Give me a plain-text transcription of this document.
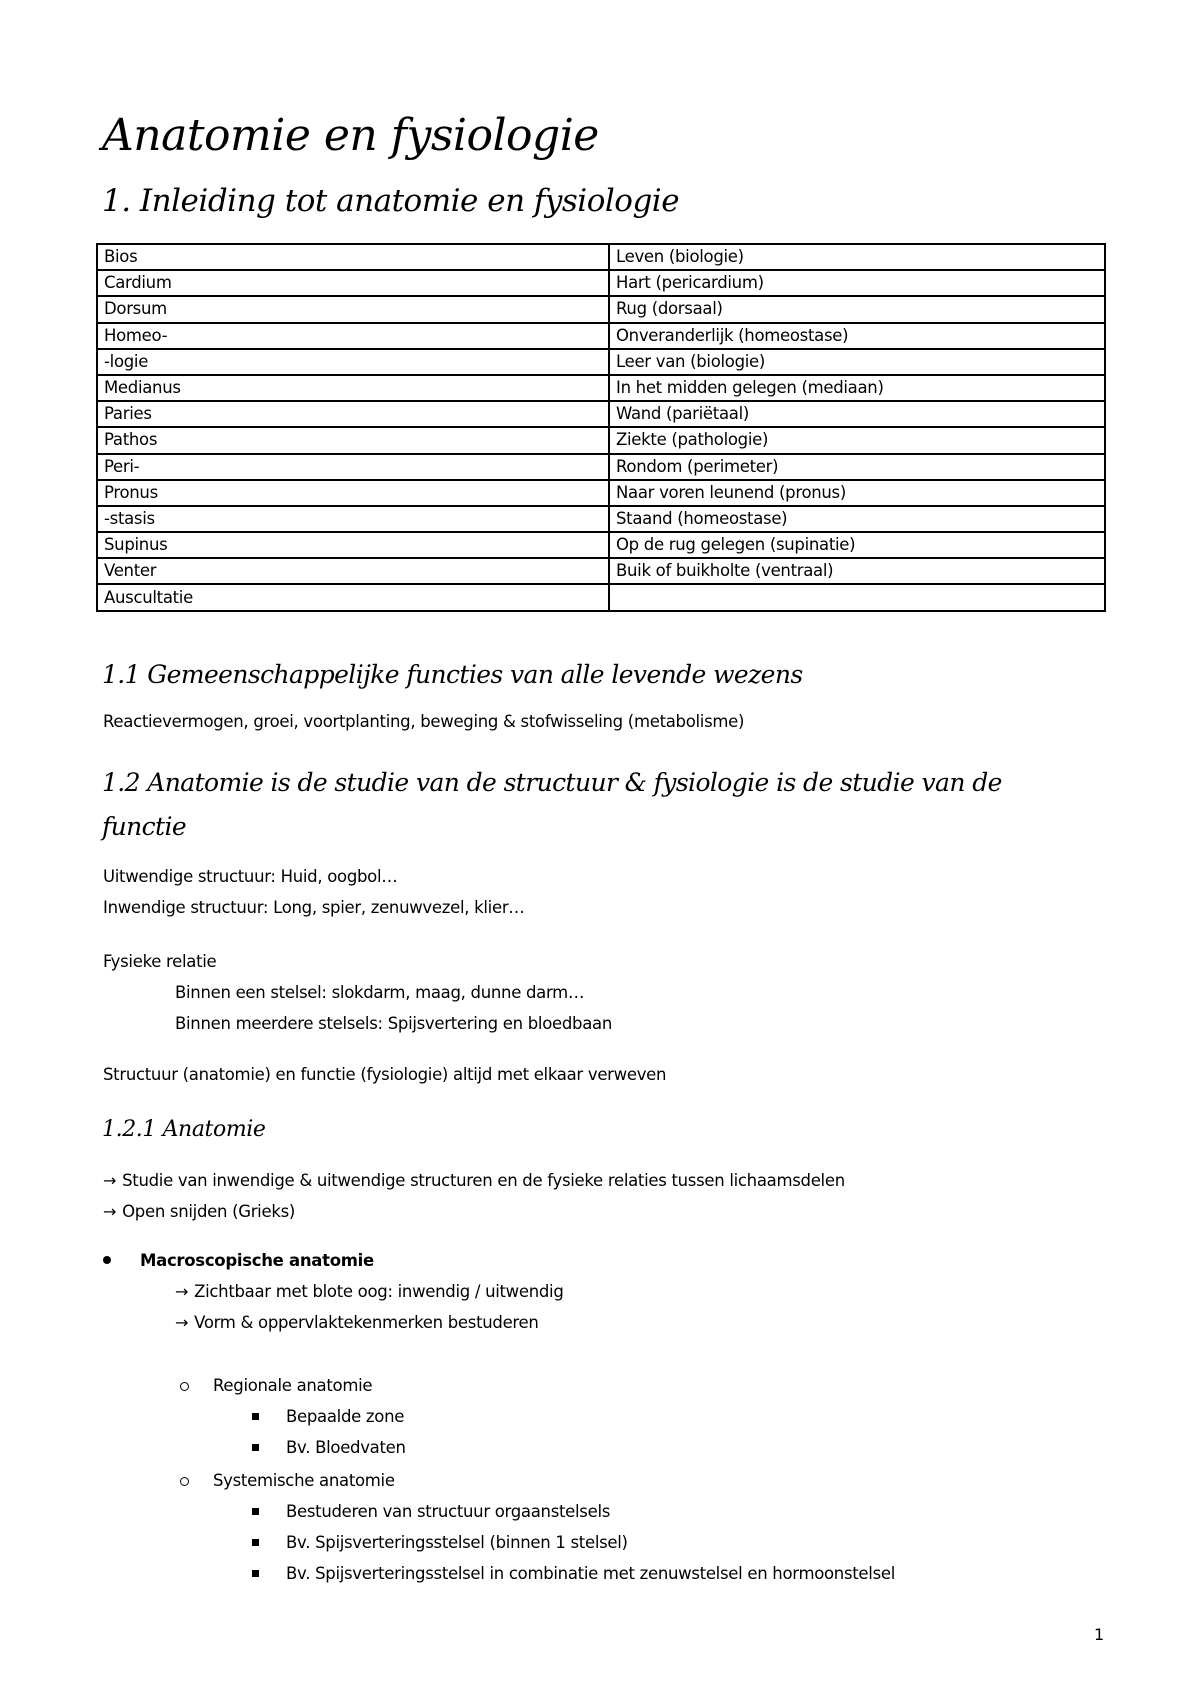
Anatomie en fysiologie
1. Inleiding tot anatomie en fysiologie
Bios	Leven (biologie)
Cardium	Hart (pericardium)
Dorsum	Rug (dorsaal)
Homeo-	Onveranderlijk (homeostase)
-logie	Leer van (biologie)
Medianus	In het midden gelegen (mediaan)
Paries	Wand (pariëtaal)
Pathos	Ziekte (pathologie)
Peri-	Rondom (perimeter)
Pronus	Naar voren leunend (pronus)
-stasis	Staand (homeostase)
Supinus	Op de rug gelegen (supinatie)
Venter	Buik of buikholte (ventraal)
Auscultatie	
1.1 Gemeenschappelijke functies van alle levende wezens

Reactievermogen, groei, voortplanting, beweging & stofwisseling (metabolisme)

1.2 Anatomie is de studie van de structuur & fysiologie is de studie van de
functie

Uitwendige structuur: Huid, oogbol…

Inwendige structuur: Long, spier, zenuwvezel, klier…

Fysieke relatie

Binnen een stelsel: slokdarm, maag, dunne darm…

Binnen meerdere stelsels: Spijsvertering en bloedbaan

Structuur (anatomie) en functie (fysiologie) altijd met elkaar verweven

1.2.1 Anatomie

→ Studie van inwendige & uitwendige structuren en de fysieke relaties tussen lichaamsdelen

→ Open snijden (Grieks)

Macroscopische anatomie

→ Zichtbaar met blote oog: inwendig / uitwendig

→ Vorm & oppervlaktekenmerken bestuderen

Regionale anatomie

Bepaalde zone

Bv. Bloedvaten

Systemische anatomie

Bestuderen van structuur orgaanstelsels

Bv. Spijsverteringsstelsel (binnen 1 stelsel)

Bv. Spijsverteringsstelsel in combinatie met zenuwstelsel en hormoonstelsel

1
